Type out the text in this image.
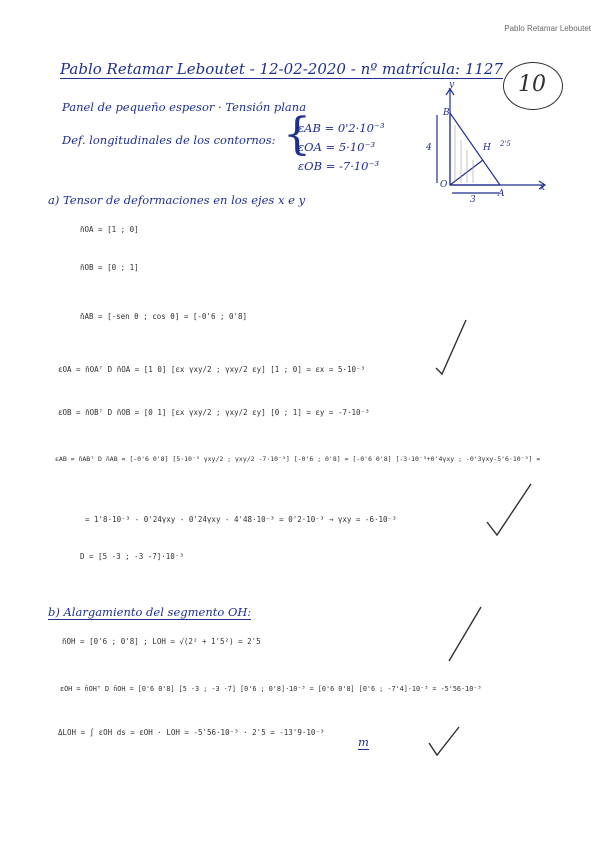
Pablo Retamar Leboutet
Pablo Retamar Leboutet - 12-02-2020 - nº matrícula: 1127
10
Panel de pequeño espesor · Tensión plana
Def. longitudinales de los contornos: {
εAB = 0'2·10⁻³
εOA = 5·10⁻³
εOB = -7·10⁻³
y
x
B
O
A
H
4
3
2'5
a) Tensor de deformaciones en los ejes x e y
n̄OA = [1 ; 0]
n̄OB = [0 ; 1]
n̄AB = [-sen θ ; cos θ] = [-0'6 ; 0'8]
εOA = n̄OAᵀ D n̄OA = [1 0] [εx γxy/2 ; γxy/2 εy] [1 ; 0] = εx = 5·10⁻³
εOB = n̄OBᵀ D n̄OB = [0 1] [εx γxy/2 ; γxy/2 εy] [0 ; 1] = εy = -7·10⁻³
εAB = n̄ABᵀ D n̄AB = [-0'6 0'8] [5·10⁻³ γxy/2 ; γxy/2 -7·10⁻³] [-0'6 ; 0'8] = [-0'6 0'8] [-3·10⁻³+0'4γxy ; -0'3γxy-5'6·10⁻³] =
= 1'8·10⁻³ - 0'24γxy - 0'24γxy - 4'48·10⁻³ = 0'2·10⁻³ → γxy = -6·10⁻³
D = [5 -3 ; -3 -7]·10⁻³
b) Alargamiento del segmento OH:
n̄OH = [0'6 ; 0'8] ; LOH = √(2² + 1'5²) = 2'5
εOH = n̄OHᵀ D n̄OH = [0'6 0'8] [5 -3 ; -3 -7] [0'6 ; 0'8]·10⁻³ = [0'6 0'8] [0'6 ; -7'4]·10⁻³ = -5'56·10⁻³
ΔLOH = ∫ εOH ds = εOH · LOH = -5'56·10⁻³ · 2'5 = -13'9·10⁻³
m
